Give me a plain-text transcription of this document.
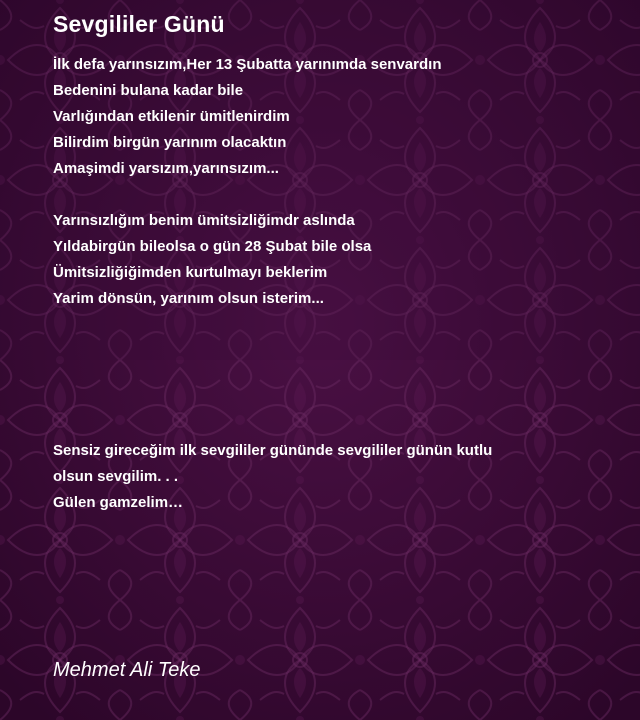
Sevgililer Günü
İlk defa yarınsızım,Her 13 Şubatta yarınımda senvardın
Bedenini bulana kadar bile
Varlığından etkilenir ümitlenirdim
Bilirdim birgün yarınım olacaktın
Amaşimdi yarsızım,yarınsızım...
Yarınsızlığım benim ümitsizliğimdr aslında
Yıldabirgün bileolsa o gün 28 Şubat bile olsa
Ümitsizliğiğimden kurtulmayı beklerim
Yarim dönsün, yarınım olsun isterim...
Sensiz gireceğim ilk sevgililer gününde sevgililer günün kutlu
olsun sevgilim. . .
Gülen gamzelim…
Mehmet Ali Teke
